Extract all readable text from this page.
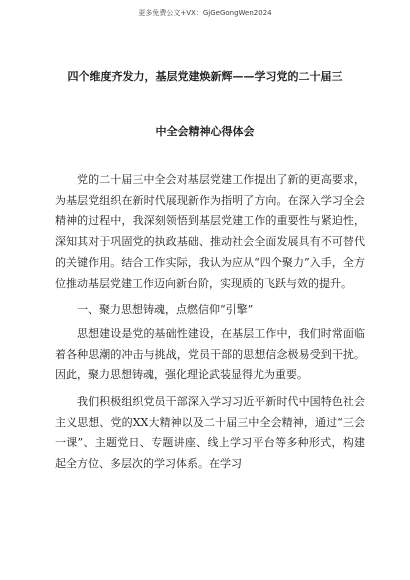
更多免费公文+VX：GjGeGongWen2024
四个维度齐发力，基层党建焕新辉——学习党的二十届三
中全会精神心得体会

党的二十届三中全会对基层党建工作提出了新的更高要求，为基层党组织在新时代展现新作为指明了方向。在深入学习全会精神的过程中，我深刻领悟到基层党建工作的重要性与紧迫性，深知其对于巩固党的执政基础、推动社会全面发展具有不可替代的关键作用。结合工作实际，我认为应从“四个聚力”入手，全方位推动基层党建工作迈向新台阶，实现质的飞跃与效的提升。

一、聚力思想铸魂，点燃信仰“引擎”

思想建设是党的基础性建设，在基层工作中，我们时常面临着各种思潮的冲击与挑战，党员干部的思想信念极易受到干扰。因此，聚力思想铸魂，强化理论武装显得尤为重要。

我们积极组织党员干部深入学习习近平新时代中国特色社会主义思想、党的XX大精神以及二十届三中全会精神，通过“三会一课”、主题党日、专题讲座、线上学习平台等多种形式，构建起全方位、多层次的学习体系。在学习
